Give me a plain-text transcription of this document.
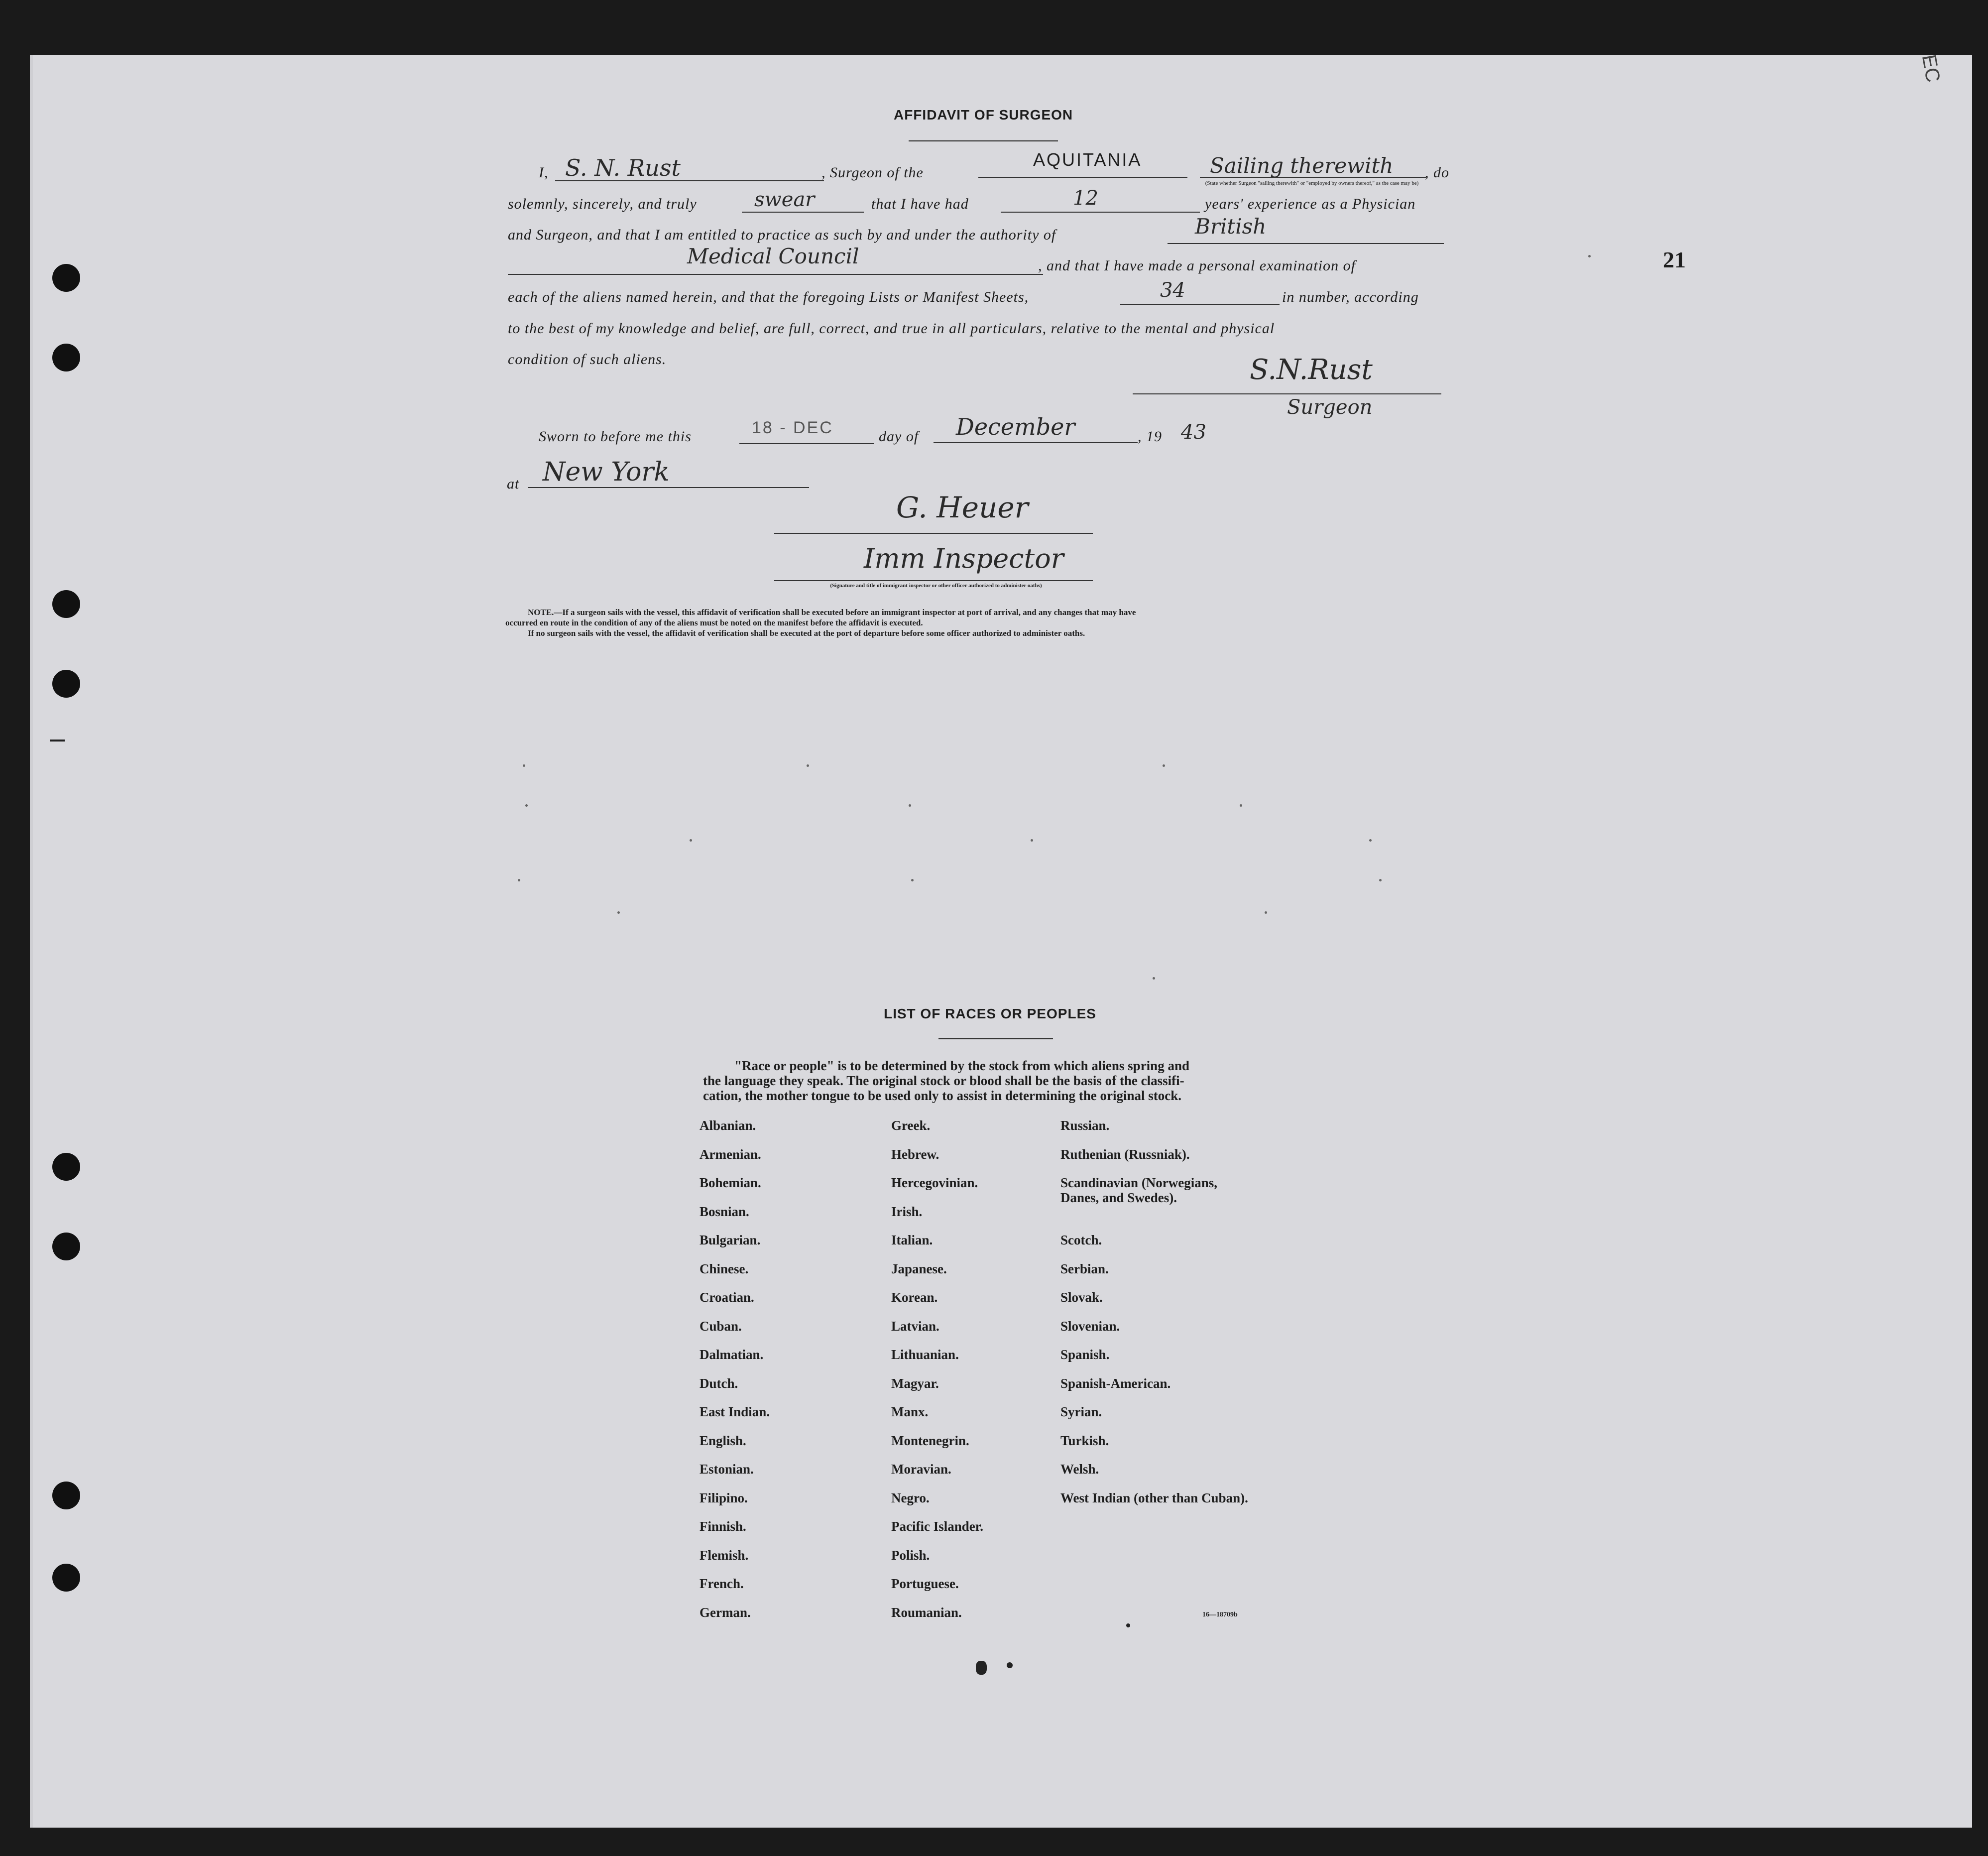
EC
21
AFFIDAVIT OF SURGEON
I, S. N. Rust	, Surgeon of the
AQUITANIA	Sailing therewith , do
(State whether Surgeon "sailing therewith" or "employed by owners thereof," as the case may be)
solemnly, sincerely, and truly	swear	that I have had	12	years' experience as a Physician
and Surgeon, and that I am entitled to practice as such by and under the authority of	British
Medical Council	, and that I have made a personal examination of
each of the aliens named herein, and that the foregoing Lists or Manifest Sheets,	34	in number, according
to the best of my knowledge and belief, are full, correct, and true in all particulars, relative to the mental and physical
condition of such aliens.	S.N.Rust
Surgeon
Sworn to before me this	18 - DEC	day of December	, 19 43
at New York
G. Heuer
Imm Inspector
(Signature and title of immigrant inspector or other officer authorized to administer oaths)
NOTE.—If a surgeon sails with the vessel, this affidavit of verification shall be executed before an immigrant inspector at port of arrival, and any changes that may have
occurred en route in the condition of any of the aliens must be noted on the manifest before the affidavit is executed.
If no surgeon sails with the vessel, the affidavit of verification shall be executed at the port of departure before some officer authorized to administer oaths.
LIST OF RACES OR PEOPLES
"Race or people" is to be determined by the stock from which aliens spring and
the language they speak. The original stock or blood shall be the basis of the classifi-
cation, the mother tongue to be used only to assist in determining the original stock.
Albanian.
Armenian.
Bohemian.
Bosnian.
Bulgarian.
Chinese.
Croatian.
Cuban.
Dalmatian.
Dutch.
East Indian.
English.
Estonian.
Filipino.
Finnish.
Flemish.
French.
German.
Greek.
Hebrew.
Hercegovinian.
Irish.
Italian.
Japanese.
Korean.
Latvian.
Lithuanian.
Magyar.
Manx.
Montenegrin.
Moravian.
Negro.
Pacific Islander.
Polish.
Portuguese.
Roumanian.
Russian.
Ruthenian (Russniak).
Scandinavian (Norwegians, Danes, and Swedes).
Scotch.
Serbian.
Slovak.
Slovenian.
Spanish.
Spanish-American.
Syrian.
Turkish.
Welsh.
West Indian (other than Cuban).
16—18709b
